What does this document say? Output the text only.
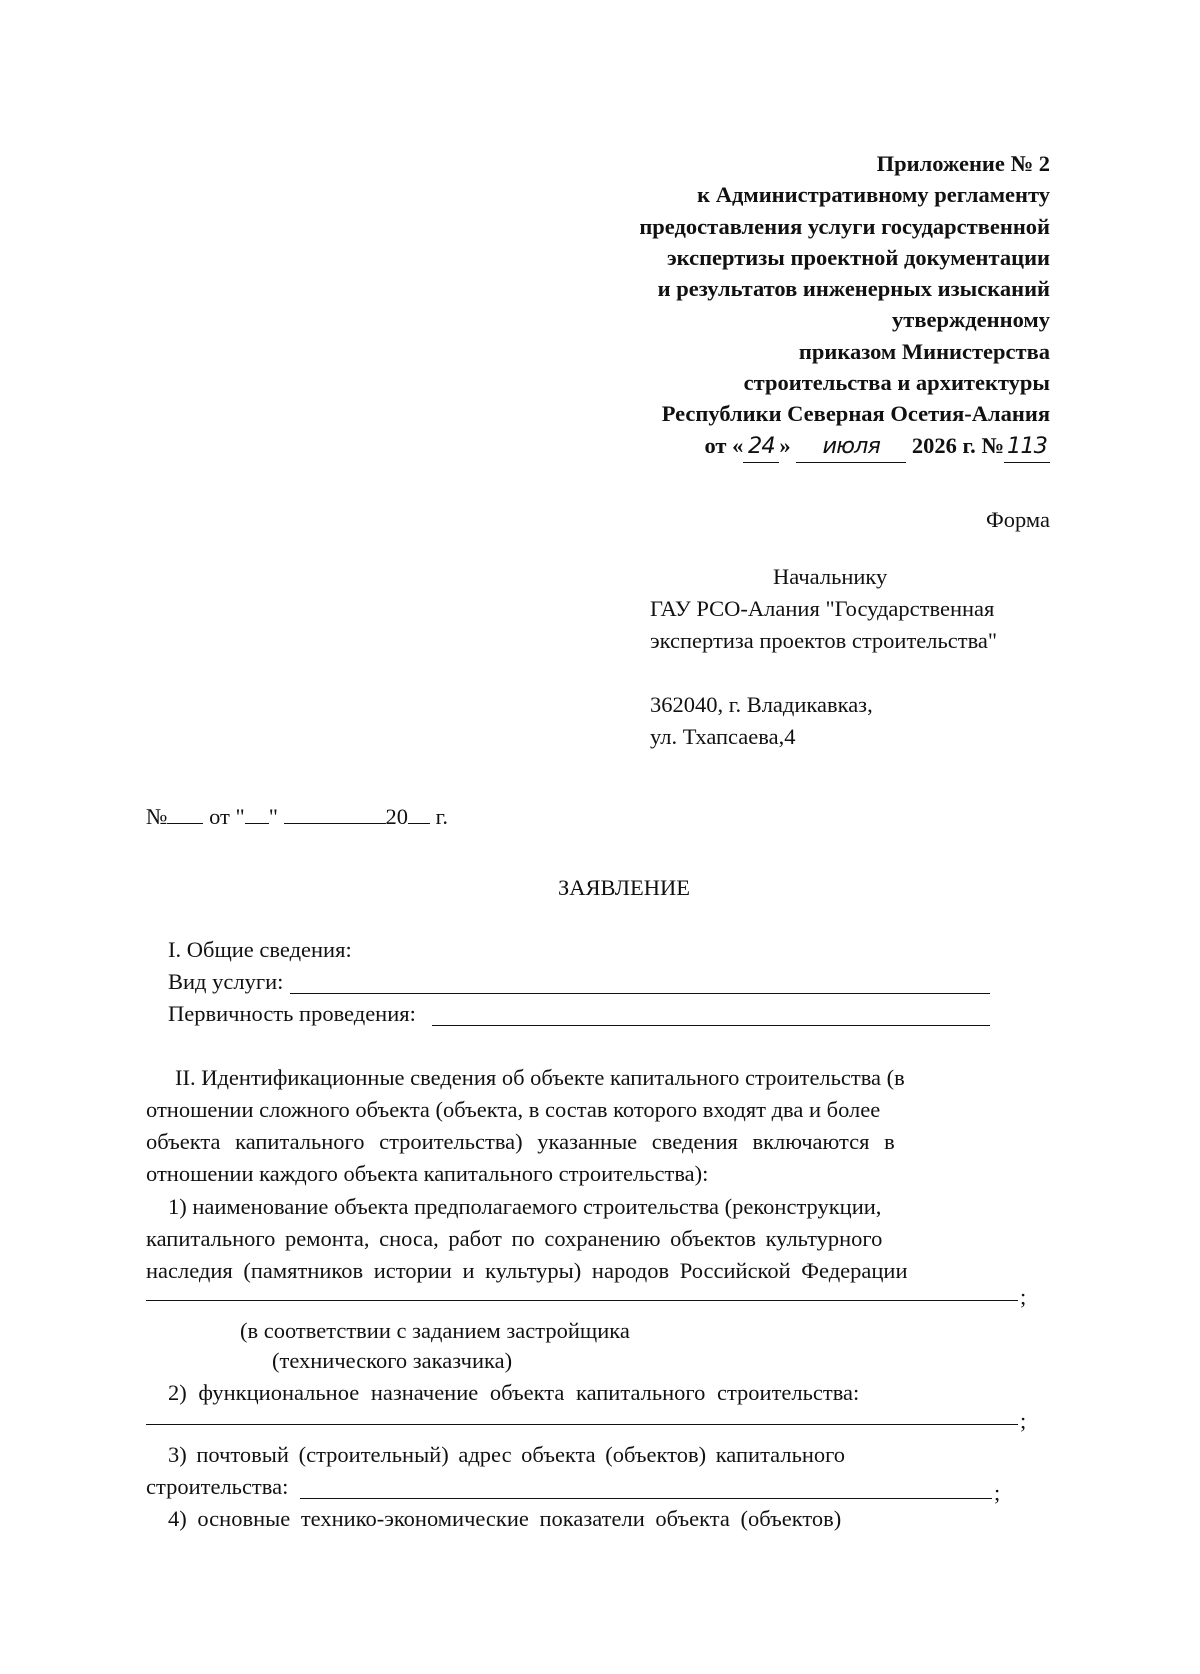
Приложение № 2
к Административному регламенту
предоставления услуги государственной
экспертизы проектной документации
и результатов инженерных изысканий
утвержденному
приказом Министерства
строительства и архитектуры
Республики Северная Осетия-Алания
от « 24 » июля 2026 г. № 113
Форма
Начальнику
ГАУ РСО-Алания "Государственная
экспертиза проектов строительства"
362040, г. Владикавказ,
ул. Тхапсаева,4
№ от " "	20 г.
ЗАЯВЛЕНИЕ
I. Общие сведения:
Вид услуги:
Первичность проведения:
II. Идентификационные сведения об объекте капитального строительства (в
отношении сложного объекта (объекта, в состав которого входят два и более
объекта капитального строительства) указанные сведения включаются в
отношении каждого объекта капитального строительства):
1) наименование объекта предполагаемого строительства (реконструкции,
капитального ремонта, сноса, работ по сохранению объектов культурного
наследия (памятников истории и культуры) народов Российской Федерации
;
(в соответствии с заданием застройщика
(технического заказчика)
2) функциональное назначение объекта капитального строительства:
;
3) почтовый (строительный) адрес объекта (объектов) капитального
строительства:	;
4) основные технико-экономические показатели объекта (объектов)
